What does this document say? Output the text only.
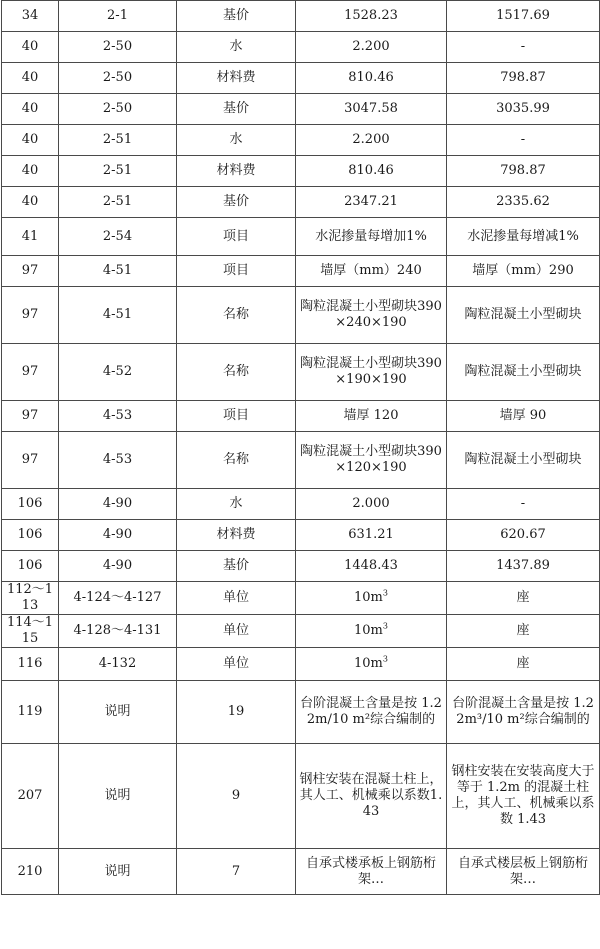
34	2-1	基价	1528.23	1517.69
40	2-50	水	2.200	-
40	2-50	材料费	810.46	798.87
40	2-50	基价	3047.58	3035.99
40	2-51	水	2.200	-
40	2-51	材料费	810.46	798.87
40	2-51	基价	2347.21	2335.62
41	2-54	项目	水泥掺量每增加1%	水泥掺量每增减1%
97	4-51	项目	墙厚（mm）240	墙厚（mm）290
97	4-51	名称	陶粒混凝土小型砌块390×240×190	陶粒混凝土小型砌块
97	4-52	名称	陶粒混凝土小型砌块390×190×190	陶粒混凝土小型砌块
97	4-53	项目	墙厚 120	墙厚 90
97	4-53	名称	陶粒混凝土小型砌块390×120×190	陶粒混凝土小型砌块
106	4-90	水	2.000	-
106	4-90	材料费	631.21	620.67
106	4-90	基价	1448.43	1437.89
112～113	4-124～4-127	单位	$10m^3$	座
114～115	4-128～4-131	单位	$10m^3$	座
116	4-132	单位	$10m^3$	座
119	说明	19	台阶混凝土含量是按 1.22m/10 m²综合编制的	台阶混凝土含量是按 1.22m³/10 m²综合编制的
207	说明	9	钢柱安装在混凝土柱上，其人工、机械乘以系数1.43	钢柱安装在安装高度大于等于 1.2m 的混凝土柱上，其人工、机械乘以系数 1.43
210	说明	7	自承式楼承板上钢筋桁架…	自承式楼层板上钢筋桁架…
